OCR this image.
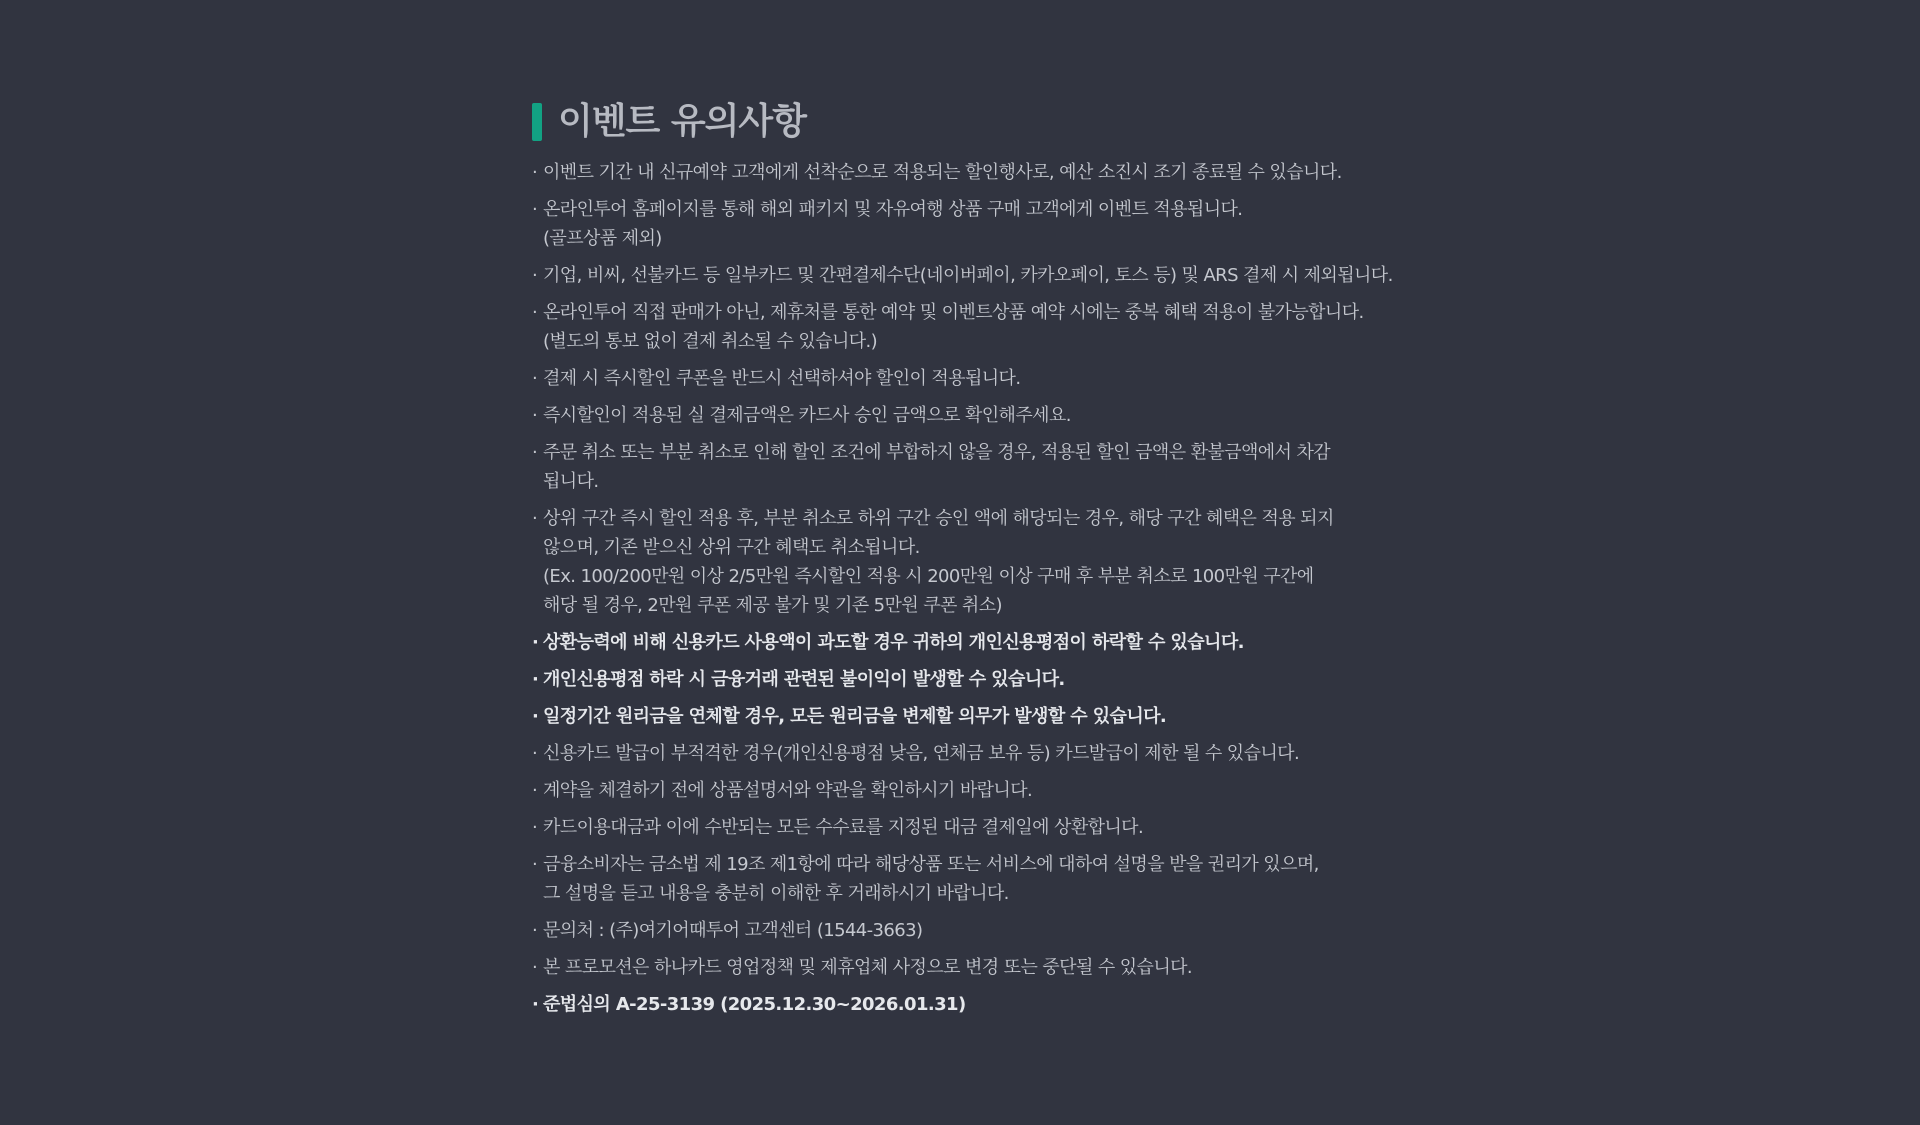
이벤트 유의사항
· 이벤트 기간 내 신규예약 고객에게 선착순으로 적용되는 할인행사로, 예산 소진시 조기 종료될 수 있습니다.
· 온라인투어 홈페이지를 통해 해외 패키지 및 자유여행 상품 구매 고객에게 이벤트 적용됩니다.
(골프상품 제외)
· 기업, 비씨, 선불카드 등 일부카드 및 간편결제수단(네이버페이, 카카오페이, 토스 등) 및 ARS 결제 시 제외됩니다.
· 온라인투어 직접 판매가 아닌, 제휴처를 통한 예약 및 이벤트상품 예약 시에는 중복 혜택 적용이 불가능합니다.
(별도의 통보 없이 결제 취소될 수 있습니다.)
· 결제 시 즉시할인 쿠폰을 반드시 선택하셔야 할인이 적용됩니다.
· 즉시할인이 적용된 실 결제금액은 카드사 승인 금액으로 확인해주세요.
· 주문 취소 또는 부분 취소로 인해 할인 조건에 부합하지 않을 경우, 적용된 할인 금액은 환불금액에서 차감
됩니다.
· 상위 구간 즉시 할인 적용 후, 부분 취소로 하위 구간 승인 액에 해당되는 경우, 해당 구간 혜택은 적용 되지
않으며, 기존 받으신 상위 구간 혜택도 취소됩니다.
(Ex. 100/200만원 이상 2/5만원 즉시할인 적용 시 200만원 이상 구매 후 부분 취소로 100만원 구간에
해당 될 경우, 2만원 쿠폰 제공 불가 및 기존 5만원 쿠폰 취소)
· 상환능력에 비해 신용카드 사용액이 과도할 경우 귀하의 개인신용평점이 하락할 수 있습니다.
· 개인신용평점 하락 시 금융거래 관련된 불이익이 발생할 수 있습니다.
· 일정기간 원리금을 연체할 경우, 모든 원리금을 변제할 의무가 발생할 수 있습니다.
· 신용카드 발급이 부적격한 경우(개인신용평점 낮음, 연체금 보유 등) 카드발급이 제한 될 수 있습니다.
· 계약을 체결하기 전에 상품설명서와 약관을 확인하시기 바랍니다.
· 카드이용대금과 이에 수반되는 모든 수수료를 지정된 대금 결제일에 상환합니다.
· 금융소비자는 금소법 제 19조 제1항에 따라 해당상품 또는 서비스에 대하여 설명을 받을 권리가 있으며,
그 설명을 듣고 내용을 충분히 이해한 후 거래하시기 바랍니다.
· 문의처 : (주)여기어때투어 고객센터 (1544-3663)
· 본 프로모션은 하나카드 영업정책 및 제휴업체 사정으로 변경 또는 중단될 수 있습니다.
· 준법심의 A-25-3139 (2025.12.30~2026.01.31)
